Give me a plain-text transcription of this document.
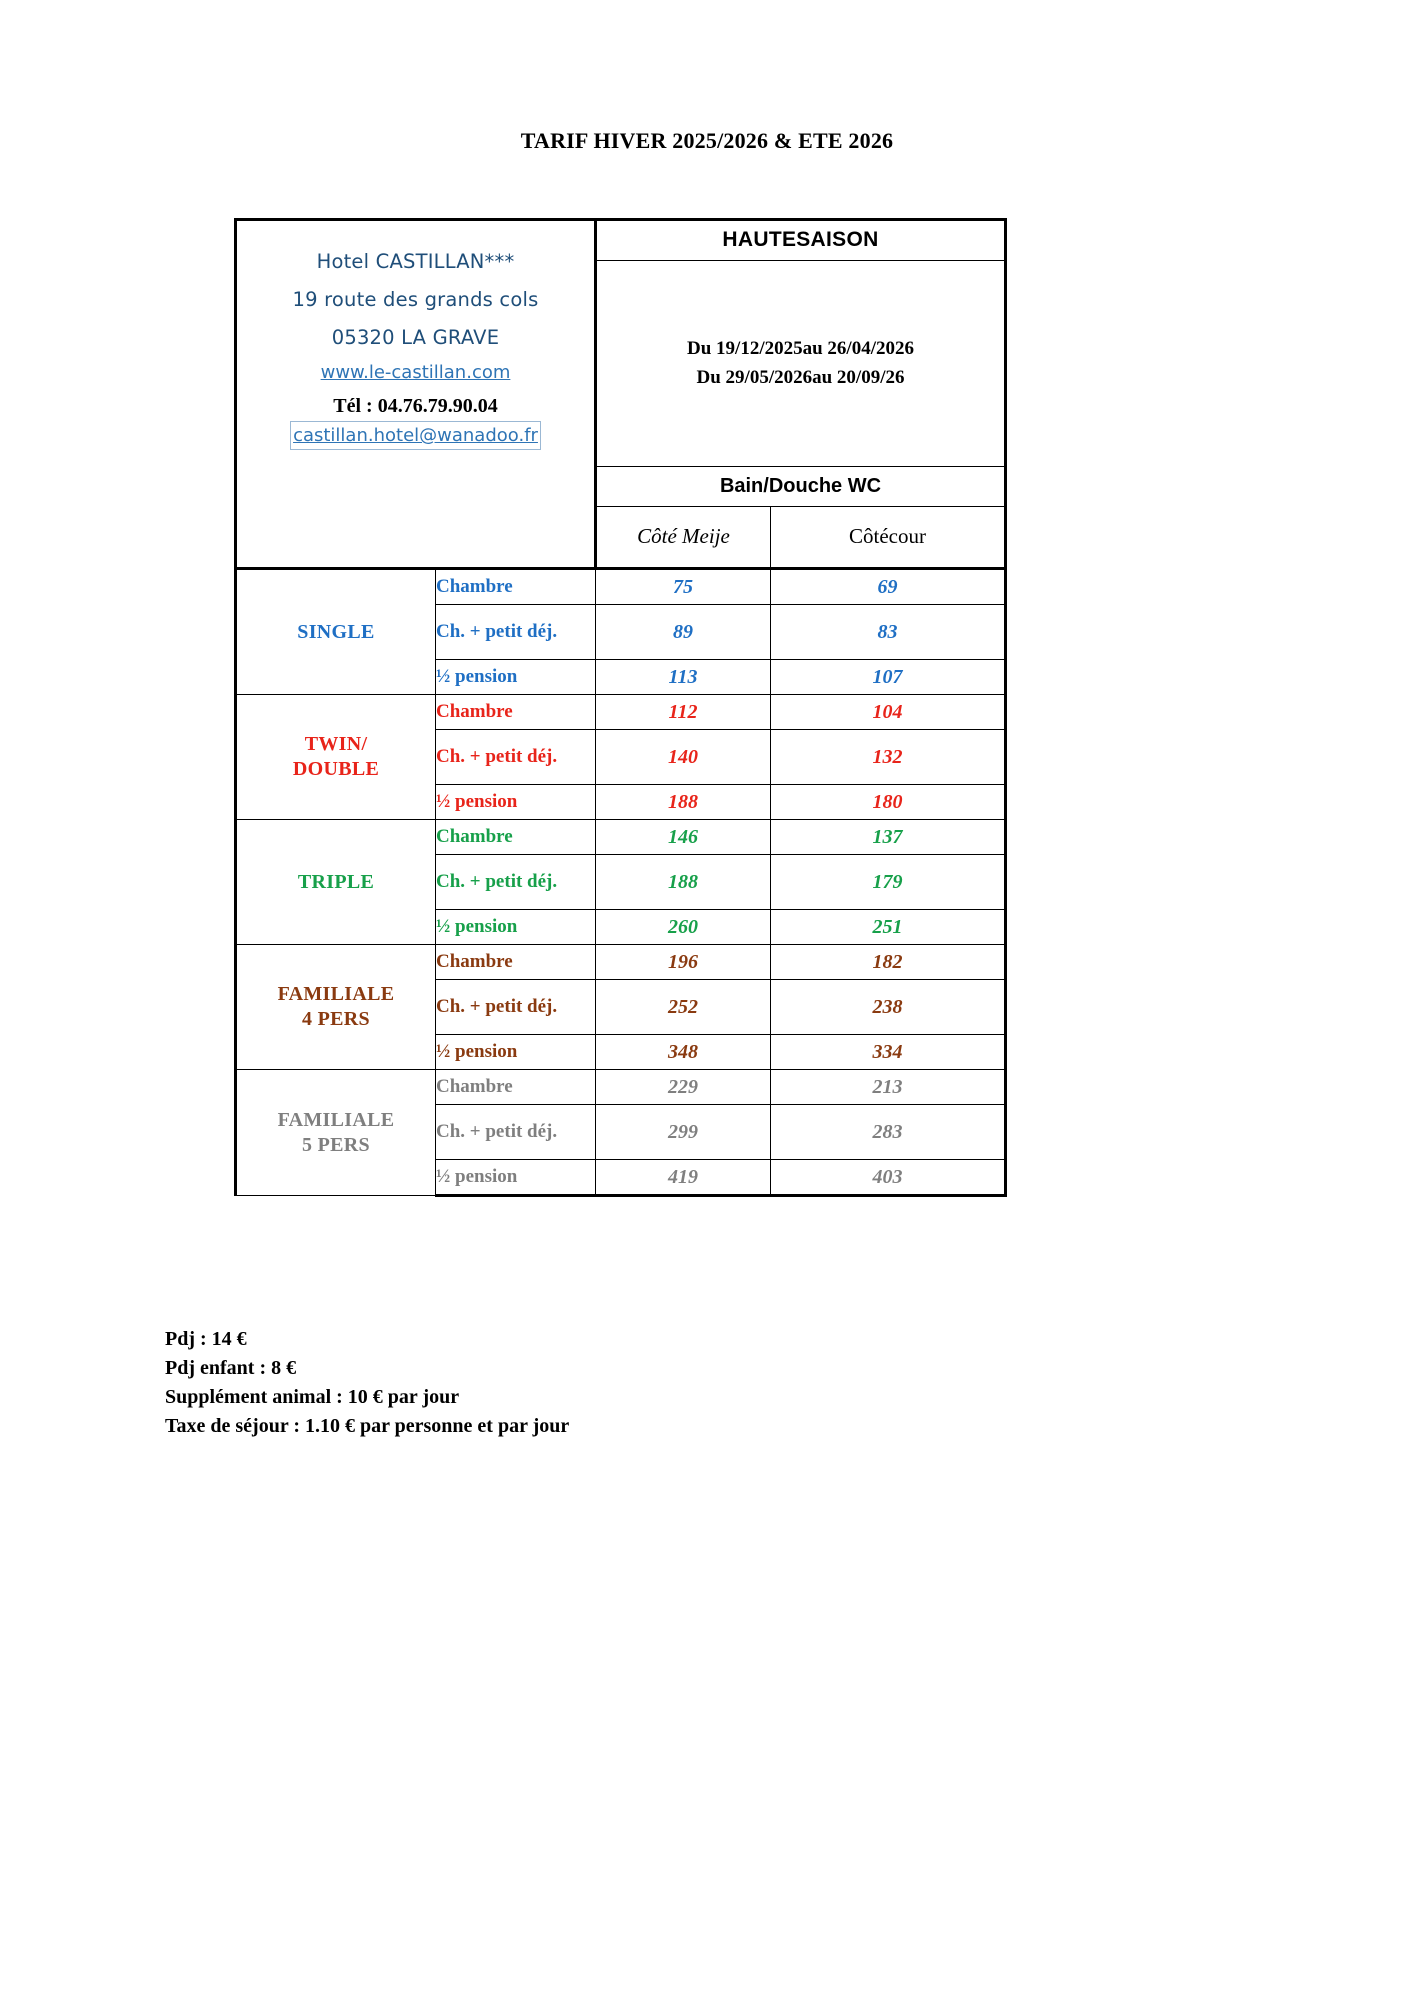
TARIF HIVER 2025/2026 & ETE 2026
Hotel CASTILLAN***
19 route des grands cols
05320 LA GRAVE
www.le-castillan.com
Tél : 04.76.79.90.04
castillan.hotel@wanadoo.fr
	HAUTESAISON

		Du 19/12/2025au 26/04/2026
Du 29/05/2026au 20/09/26	

		Bain/Douche WC	
		Côté Meije	Côtécour
SINGLE	Chambre	75	69
	Ch. + petit déj.	89	83
	½ pension	113	107

TWIN/
DOUBLE	Chambre	112	104
	Ch. + petit déj.	140	132
	½ pension	188	180
TRIPLE	Chambre	146	137
	Ch. + petit déj.	188	179
	½ pension	260	251

FAMILIALE
4 PERS	Chambre	196	182
	Ch. + petit déj.	252	238
	½ pension	348	334

FAMILIALE
5 PERS	Chambre	229	213
	Ch. + petit déj.	299	283
	½ pension	419	403
Pdj : 14 €
Pdj enfant : 8 €
Supplément animal : 10 € par jour
Taxe de séjour : 1.10 € par personne et par jour
